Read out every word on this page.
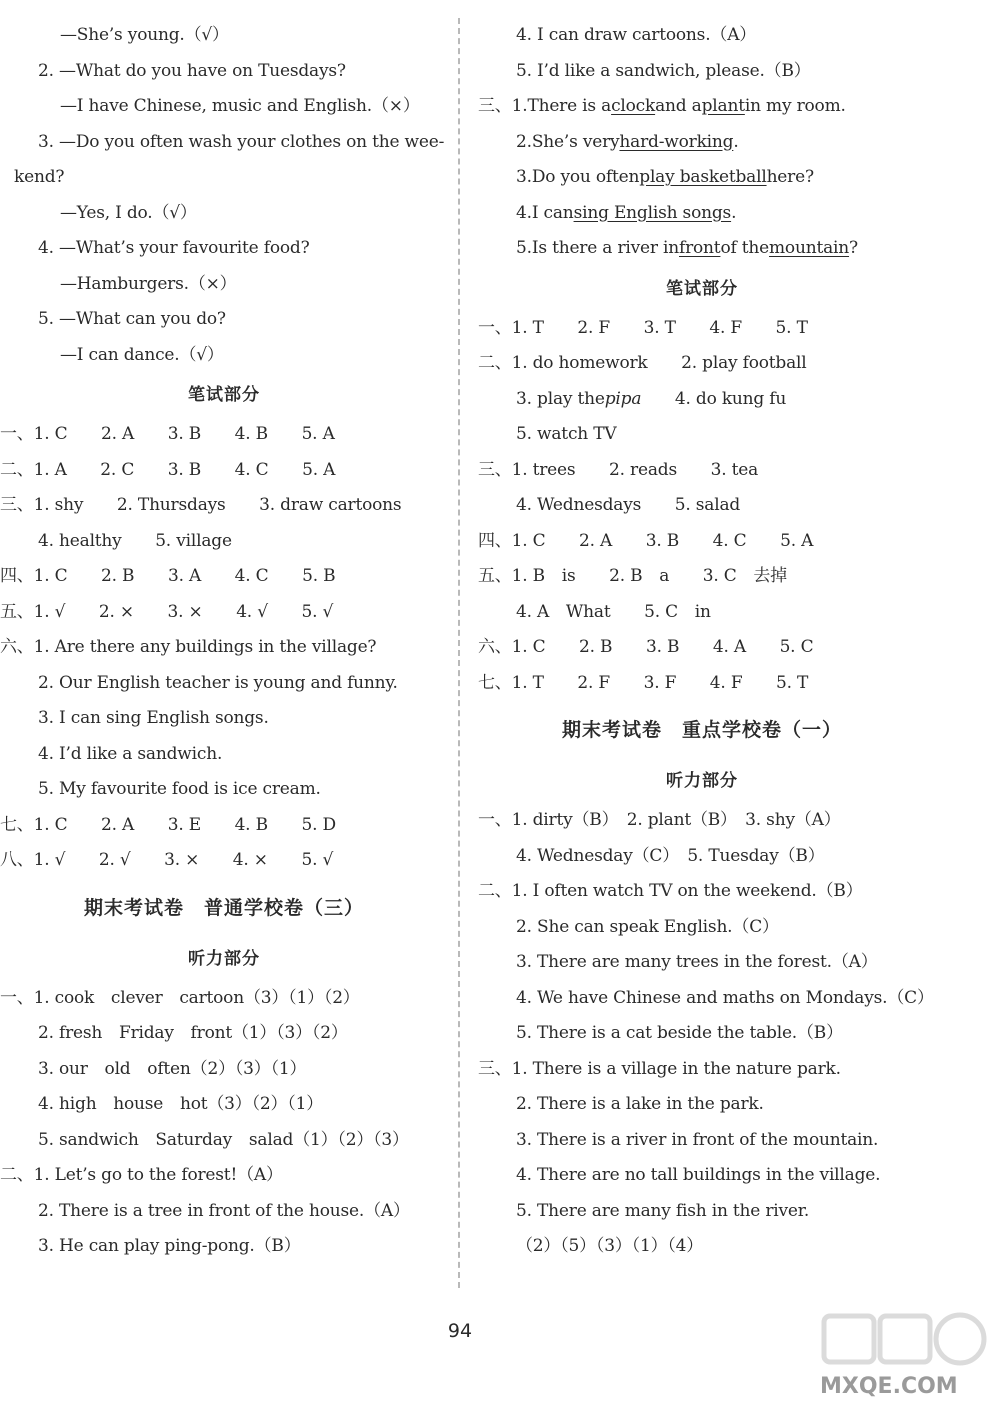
—She’s young.（√）
2. —What do you have on Tuesdays?
—I have Chinese, music and English.（×）
3. —Do you often wash your clothes on the wee-
kend?
—Yes, I do.（√）
4. —What’s your favourite food?
—Hamburgers.（×）
5. —What can you do?
—I can dance.（√）
笔试部分
一、1. C　　2. A　　3. B　　4. B　　5. A
二、1. A　　2. C　　3. B　　4. C　　5. A
三、1. shy　　2. Thursdays　　3. draw cartoons
4. healthy　　5. village
四、1. C　　2. B　　3. A　　4. C　　5. B
五、1. √　　2. ×　　3. ×　　4. √　　5. √
六、1. Are there any buildings in the village?
2. Our English teacher is young and funny.
3. I can sing English songs.
4. I’d like a sandwich.
5. My favourite food is ice cream.
七、1. C　　2. A　　3. E　　4. B　　5. D
八、1. √　　2. √　　3. ×　　4. ×　　5. √
期末考试卷　普通学校卷（三）
听力部分
一、1. cook　clever　cartoon（3）（1）（2）
2. fresh　Friday　front（1）（3）（2）
3. our　old　often（2）（3）（1）
4. high　house　hot（3）（2）（1）
5. sandwich　Saturday　salad（1）（2）（3）
二、1. Let’s go to the forest!（A）
2. There is a tree in front of the house.（A）
3. He can play ping-pong.（B）
4. I can draw cartoons.（A）
5. I’d like a sandwich, please.（B）
三、1.There is aclockand aplantin my room.
2.She’s veryhard-working.
3.Do you oftenplay basketballhere?
4.I cansing English songs.
5.Is there a river infrontof themountain?
笔试部分
一、1. T　　2. F　　3. T　　4. F　　5. T
二、1. do homework　　2. play football
3. play thepipa　　4. do kung fu
5. watch TV
三、1. trees　　2. reads　　3. tea
4. Wednesdays　　5. salad
四、1. C　　2. A　　3. B　　4. C　　5. A
五、1. B　is　　2. B　a　　3. C　去掉
4. A　What　　5. C　in
六、1. C　　2. B　　3. B　　4. A　　5. C
七、1. T　　2. F　　3. F　　4. F　　5. T
期末考试卷　重点学校卷（一）
听力部分
一、1. dirty（B）　2. plant（B）　3. shy（A）
4. Wednesday（C）　5. Tuesday（B）
二、1. I often watch TV on the weekend.（B）
2. She can speak English.（C）
3. There are many trees in the forest.（A）
4. We have Chinese and maths on Mondays.（C）
5. There is a cat beside the table.（B）
三、1. There is a village in the nature park.
2. There is a lake in the park.
3. There is a river in front of the mountain.
4. There are no tall buildings in the village.
5. There are many fish in the river.
（2）（5）（3）（1）（4）
94
MXQE.COM
